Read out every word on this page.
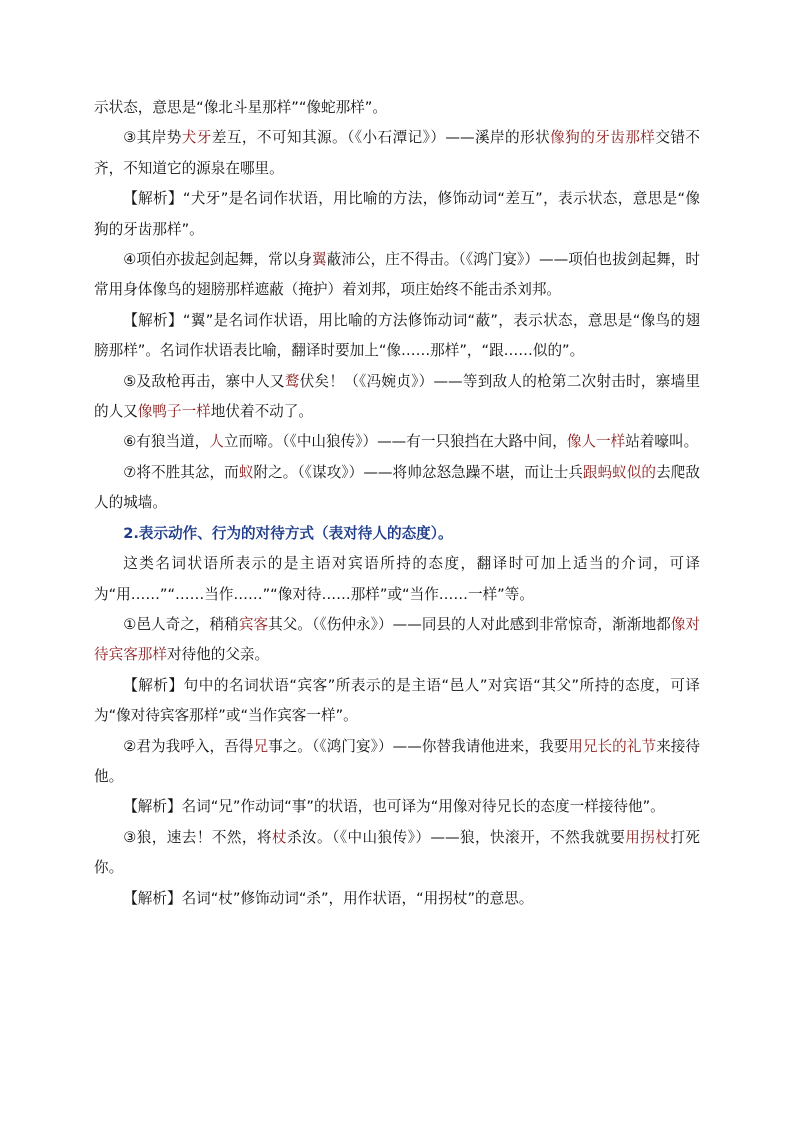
示状态，意思是“像北斗星那样”“像蛇那样”。

③其岸势犬牙差互，不可知其源。（《小石潭记》）——溪岸的形状像狗的牙齿那样交错不齐，不知道它的源泉在哪里。

【解析】“犬牙”是名词作状语，用比喻的方法，修饰动词“差互”，表示状态，意思是“像狗的牙齿那样”。

④项伯亦拔起剑起舞，常以身翼蔽沛公，庄不得击。（《鸿门宴》）——项伯也拔剑起舞，时常用身体像鸟的翅膀那样遮蔽（掩护）着刘邦，项庄始终不能击杀刘邦。

【解析】“翼”是名词作状语，用比喻的方法修饰动词“蔽”，表示状态，意思是“像鸟的翅膀那样”。名词作状语表比喻，翻译时要加上“像……那样”，“跟……似的”。

⑤及敌枪再击，寨中人又鹜伏矣！（《冯婉贞》）——等到敌人的枪第二次射击时，寨墙里的人又像鸭子一样地伏着不动了。

⑥有狼当道，人立而啼。（《中山狼传》）——有一只狼挡在大路中间，像人一样站着嚎叫。

⑦将不胜其忿，而蚁附之。（《谋攻》）——将帅忿怒急躁不堪，而让士兵跟蚂蚁似的去爬敌人的城墙。

2.表示动作、行为的对待方式（表对待人的态度）。

这类名词状语所表示的是主语对宾语所持的态度，翻译时可加上适当的介词，可译为“用……”“……当作……”“像对待……那样”或“当作……一样”等。

①邑人奇之，稍稍宾客其父。（《伤仲永》）——同县的人对此感到非常惊奇，渐渐地都像对待宾客那样对待他的父亲。

【解析】句中的名词状语“宾客”所表示的是主语“邑人”对宾语“其父”所持的态度，可译为“像对待宾客那样”或“当作宾客一样”。

②君为我呼入，吾得兄事之。（《鸿门宴》）——你替我请他进来，我要用兄长的礼节来接待他。

【解析】名词“兄”作动词“事”的状语，也可译为“用像对待兄长的态度一样接待他”。

③狼，速去！不然，将杖杀汝。（《中山狼传》）——狼，快滚开，不然我就要用拐杖打死你。

【解析】名词“杖”修饰动词“杀”，用作状语，“用拐杖”的意思。
